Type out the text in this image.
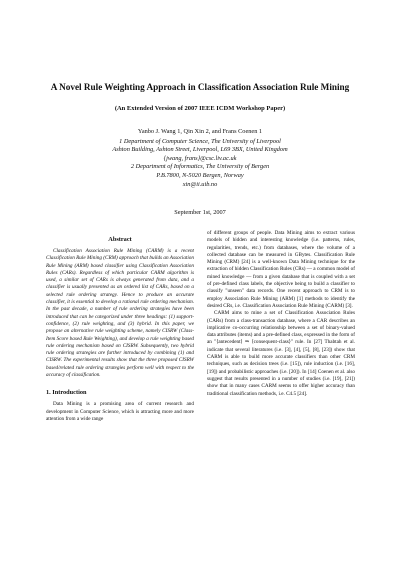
A Novel Rule Weighting Approach in Classification Association Rule Mining
(An Extended Version of 2007 IEEE ICDM Workshop Paper)
Yanbo J. Wang 1, Qin Xin 2, and Frans Coenen 1
1 Department of Computer Science, The University of Liverpool
Ashton Building, Ashton Street, Liverpool, L69 3BX, United Kingdom
{jwang, frans}@csc.liv.ac.uk
2 Department of Informatics, The University of Bergen
P.B.7800, N-5020 Bergen, Norway
xin@ii.uib.no
September 1st, 2007
Abstract

Classification Association Rule Mining (CARM) is a recent Classification Rule Mining (CRM) approach that builds an Association Rule Mining (ARM) based classifier using Classification Association Rules (CARs). Regardless of which particular CARM algorithm is used, a similar set of CARs is always generated from data, and a classifier is usually presented as an ordered list of CARs, based on a selected rule ordering strategy. Hence to produce an accurate classifier, it is essential to develop a rational rule ordering mechanism. In the past decade, a number of rule ordering strategies have been introduced that can be categorized under three headings: (1) support-confidence, (2) rule weighting, and (3) hybrid. In this paper, we propose an alternative rule weighting scheme, namely CISRW (Class-Item Score based Rule Weighting), and develop a rule weighting based rule ordering mechanism based on CISRW. Subsequently, two hybrid rule ordering strategies are further introduced by combining (1) and CISRW. The experimental results show that the three proposed CISRW based/related rule ordering strategies perform well with respect to the accuracy of classification.

1. Introduction

Data Mining is a promising area of current research and development in Computer Science, which is attracting more and more attention from a wide range

of different groups of people. Data Mining aims to extract various models of hidden and interesting knowledge (i.e. patterns, rules, regularities, trends, etc.) from databases, where the volume of a collected database can be measured in GBytes. Classification Rule Mining (CRM) [24] is a well-known Data Mining technique for the extraction of hidden Classification Rules (CRs) — a common model of mined knowledge — from a given database that is coupled with a set of pre-defined class labels, the objective being to build a classifier to classify "unseen" data records. One recent approach to CRM is to employ Association Rule Mining (ARM) [1] methods to identify the desired CRs, i.e. Classification Association Rule Mining (CARM) [3].

CARM aims to mine a set of Classification Association Rules (CARs) from a class-transaction database, where a CAR describes an implicative co-occurring relationship between a set of binary-valued data attributes (items) and a pre-defined class, expressed in the form of an "⟨antecedent⟩ ⇒ ⟨consequent-class⟩" rule. In [27] Thabtah et al. indicate that several literatures (i.e. [3], [4], [5], [8], [23]) show that CARM is able to build more accurate classifiers than other CRM techniques, such as decision trees (i.e. [15]), rule induction (i.e. [16], [19]) and probabilistic approaches (i.e. [20]). In [14] Coenen et al. also suggest that results presented in a number of studies (i.e. [19], [21]) show that in many cases CARM seems to offer higher accuracy than traditional classification methods, i.e. C4.5 [24].
